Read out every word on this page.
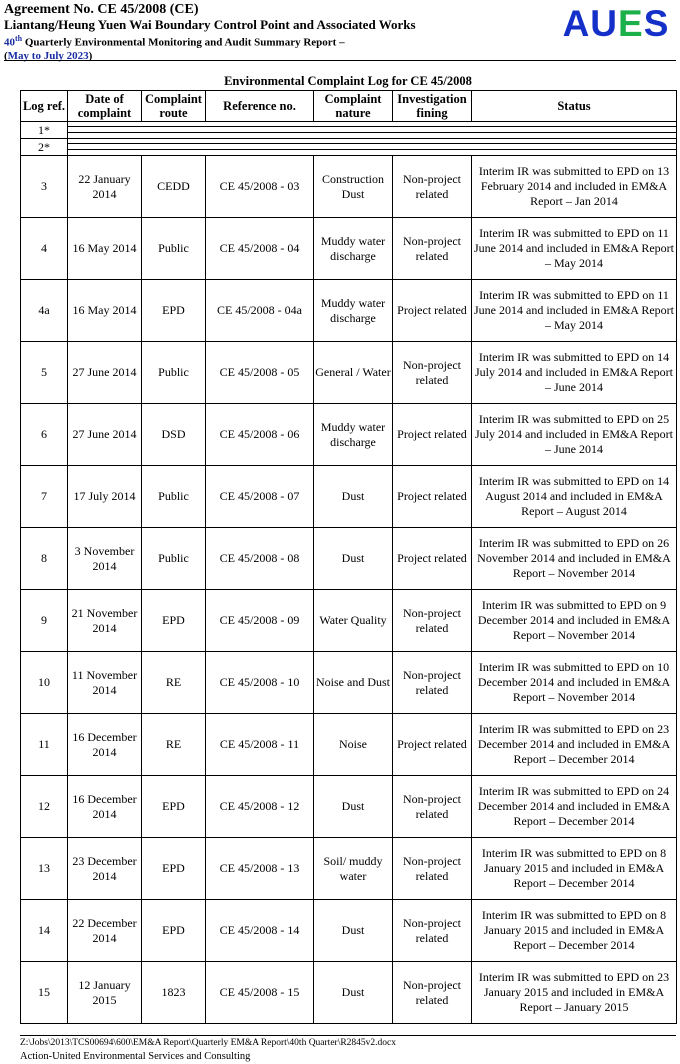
Agreement No. CE 45/2008 (CE)
Liantang/Heung Yuen Wai Boundary Control Point and Associated Works
40th Quarterly Environmental Monitoring and Audit Summary Report –
(May to July 2023)
AUES
Environmental Complaint Log for CE 45/2008
Log ref.	Date of complaint	Complaint route	Reference no.	Complaint nature	Investigation fining	Status
1*						
2*						
3	22 January 2014	CEDD	CE 45/2008 - 03	Construction Dust	Non-project related	Interim IR was submitted to EPD on 13 February 2014 and included in EM&A Report – Jan 2014
4	16 May 2014	Public	CE 45/2008 - 04	Muddy water discharge	Non-project related	Interim IR was submitted to EPD on 11 June 2014 and included in EM&A Report – May 2014
4a	16 May 2014	EPD	CE 45/2008 - 04a	Muddy water discharge	Project related	Interim IR was submitted to EPD on 11 June 2014 and included in EM&A Report – May 2014
5	27 June 2014	Public	CE 45/2008 - 05	General / Water	Non-project related	Interim IR was submitted to EPD on 14 July 2014 and included in EM&A Report – June 2014
6	27 June 2014	DSD	CE 45/2008 - 06	Muddy water discharge	Project related	Interim IR was submitted to EPD on 25 July 2014 and included in EM&A Report – June 2014
7	17 July 2014	Public	CE 45/2008 - 07	Dust	Project related	Interim IR was submitted to EPD on 14 August 2014 and included in EM&A Report – August 2014
8	3 November 2014	Public	CE 45/2008 - 08	Dust	Project related	Interim IR was submitted to EPD on 26 November 2014 and included in EM&A Report – November 2014
9	21 November 2014	EPD	CE 45/2008 - 09	Water Quality	Non-project related	Interim IR was submitted to EPD on 9 December 2014 and included in EM&A Report – November 2014
10	11 November 2014	RE	CE 45/2008 - 10	Noise and Dust	Non-project related	Interim IR was submitted to EPD on 10 December 2014 and included in EM&A Report – November 2014
11	16 December 2014	RE	CE 45/2008 - 11	Noise	Project related	Interim IR was submitted to EPD on 23 December 2014 and included in EM&A Report – December 2014
12	16 December 2014	EPD	CE 45/2008 - 12	Dust	Non-project related	Interim IR was submitted to EPD on 24 December 2014 and included in EM&A Report – December 2014
13	23 December 2014	EPD	CE 45/2008 - 13	Soil/ muddy water	Non-project related	Interim IR was submitted to EPD on 8 January 2015 and included in EM&A Report – December 2014
14	22 December 2014	EPD	CE 45/2008 - 14	Dust	Non-project related	Interim IR was submitted to EPD on 8 January 2015 and included in EM&A Report – December 2014
15	12 January 2015	1823	CE 45/2008 - 15	Dust	Non-project related	Interim IR was submitted to EPD on 23 January 2015 and included in EM&A Report – January 2015
Z:\Jobs\2013\TCS00694\600\EM&A Report\Quarterly EM&A Report\40th Quarter\R2845v2.docx
Action-United Environmental Services and Consulting
